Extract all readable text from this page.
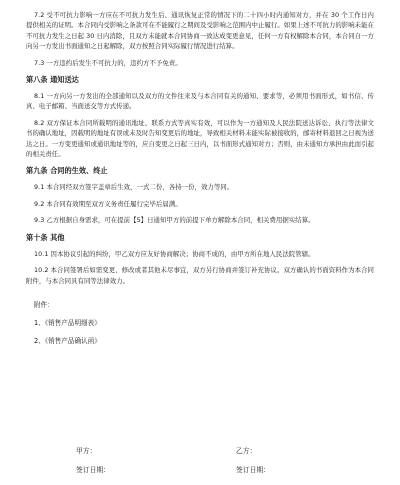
7.2 受不可抗力影响一方应在不可抗力发生后、通讯恢复正常的情况下的二十四小时内通知对方，并在 30 个工作日内提供相关的证明。本合同内受影响之条款可在不能履行之期间及受影响之范围内中止履行。如果上述不可抗力的影响未能在不可抗力发生之日起 30 日内消除，且双方未能就本合同协商一致达成变更意见，任何一方有权解除本合同，本合同自一方向另一方发出书面通知之日起解除，双方按照合同实际履行情况进行结算。

7.3 一方违约后发生不可抗力的，违约方不予免责。

第八条 通知送达

8.1 一方向另一方发出的全部通知以及双方的文件往来及与本合同有关的通知、要求等，必须用书面形式，如书信、传真、电子邮箱、当面送交等方式传递。

8.2 双方保证本合同所载明的通讯地址、联系方式等真实有效，可以作为一方通知及人民法院送达诉讼、执行等法律文书的确认地址，因载明的地址有误或未及时告知变更后的地址，导致相关材料未能实际被接收的，邮寄材料退回之日视为送达之日。一方变更通知或通讯地址等的，应自变更之日起三日内，以书面形式通知对方；否则，由未通知方承担由此而引起的相关责任。

第九条 合同的生效、终止

9.1 本合同经双方签字盖章后生效，一式二份，各持一份，效力等同。

9.2 本合同有效期至双方义务责任履行完毕后届满。

9.3 乙方根据自身需求，可在提前【5】日通知甲方的前提下单方解除本合同，相关费用据实结算。

第十条 其他

10.1 因本协议引起的纠纷，甲乙双方应友好协商解决；协商不成的，由甲方所在地人民法院管辖。

10.2 本合同签署后如需变更、修改或者其他未尽事宜，双方另行协商并签订补充协议。双方确认的书面资料作为本合同附件，与本合同具有同等法律效力。

附件：

1、《销售产品明细表》

2、《销售产品确认函》

甲方：	乙方：
签订日期：	签订日期：
